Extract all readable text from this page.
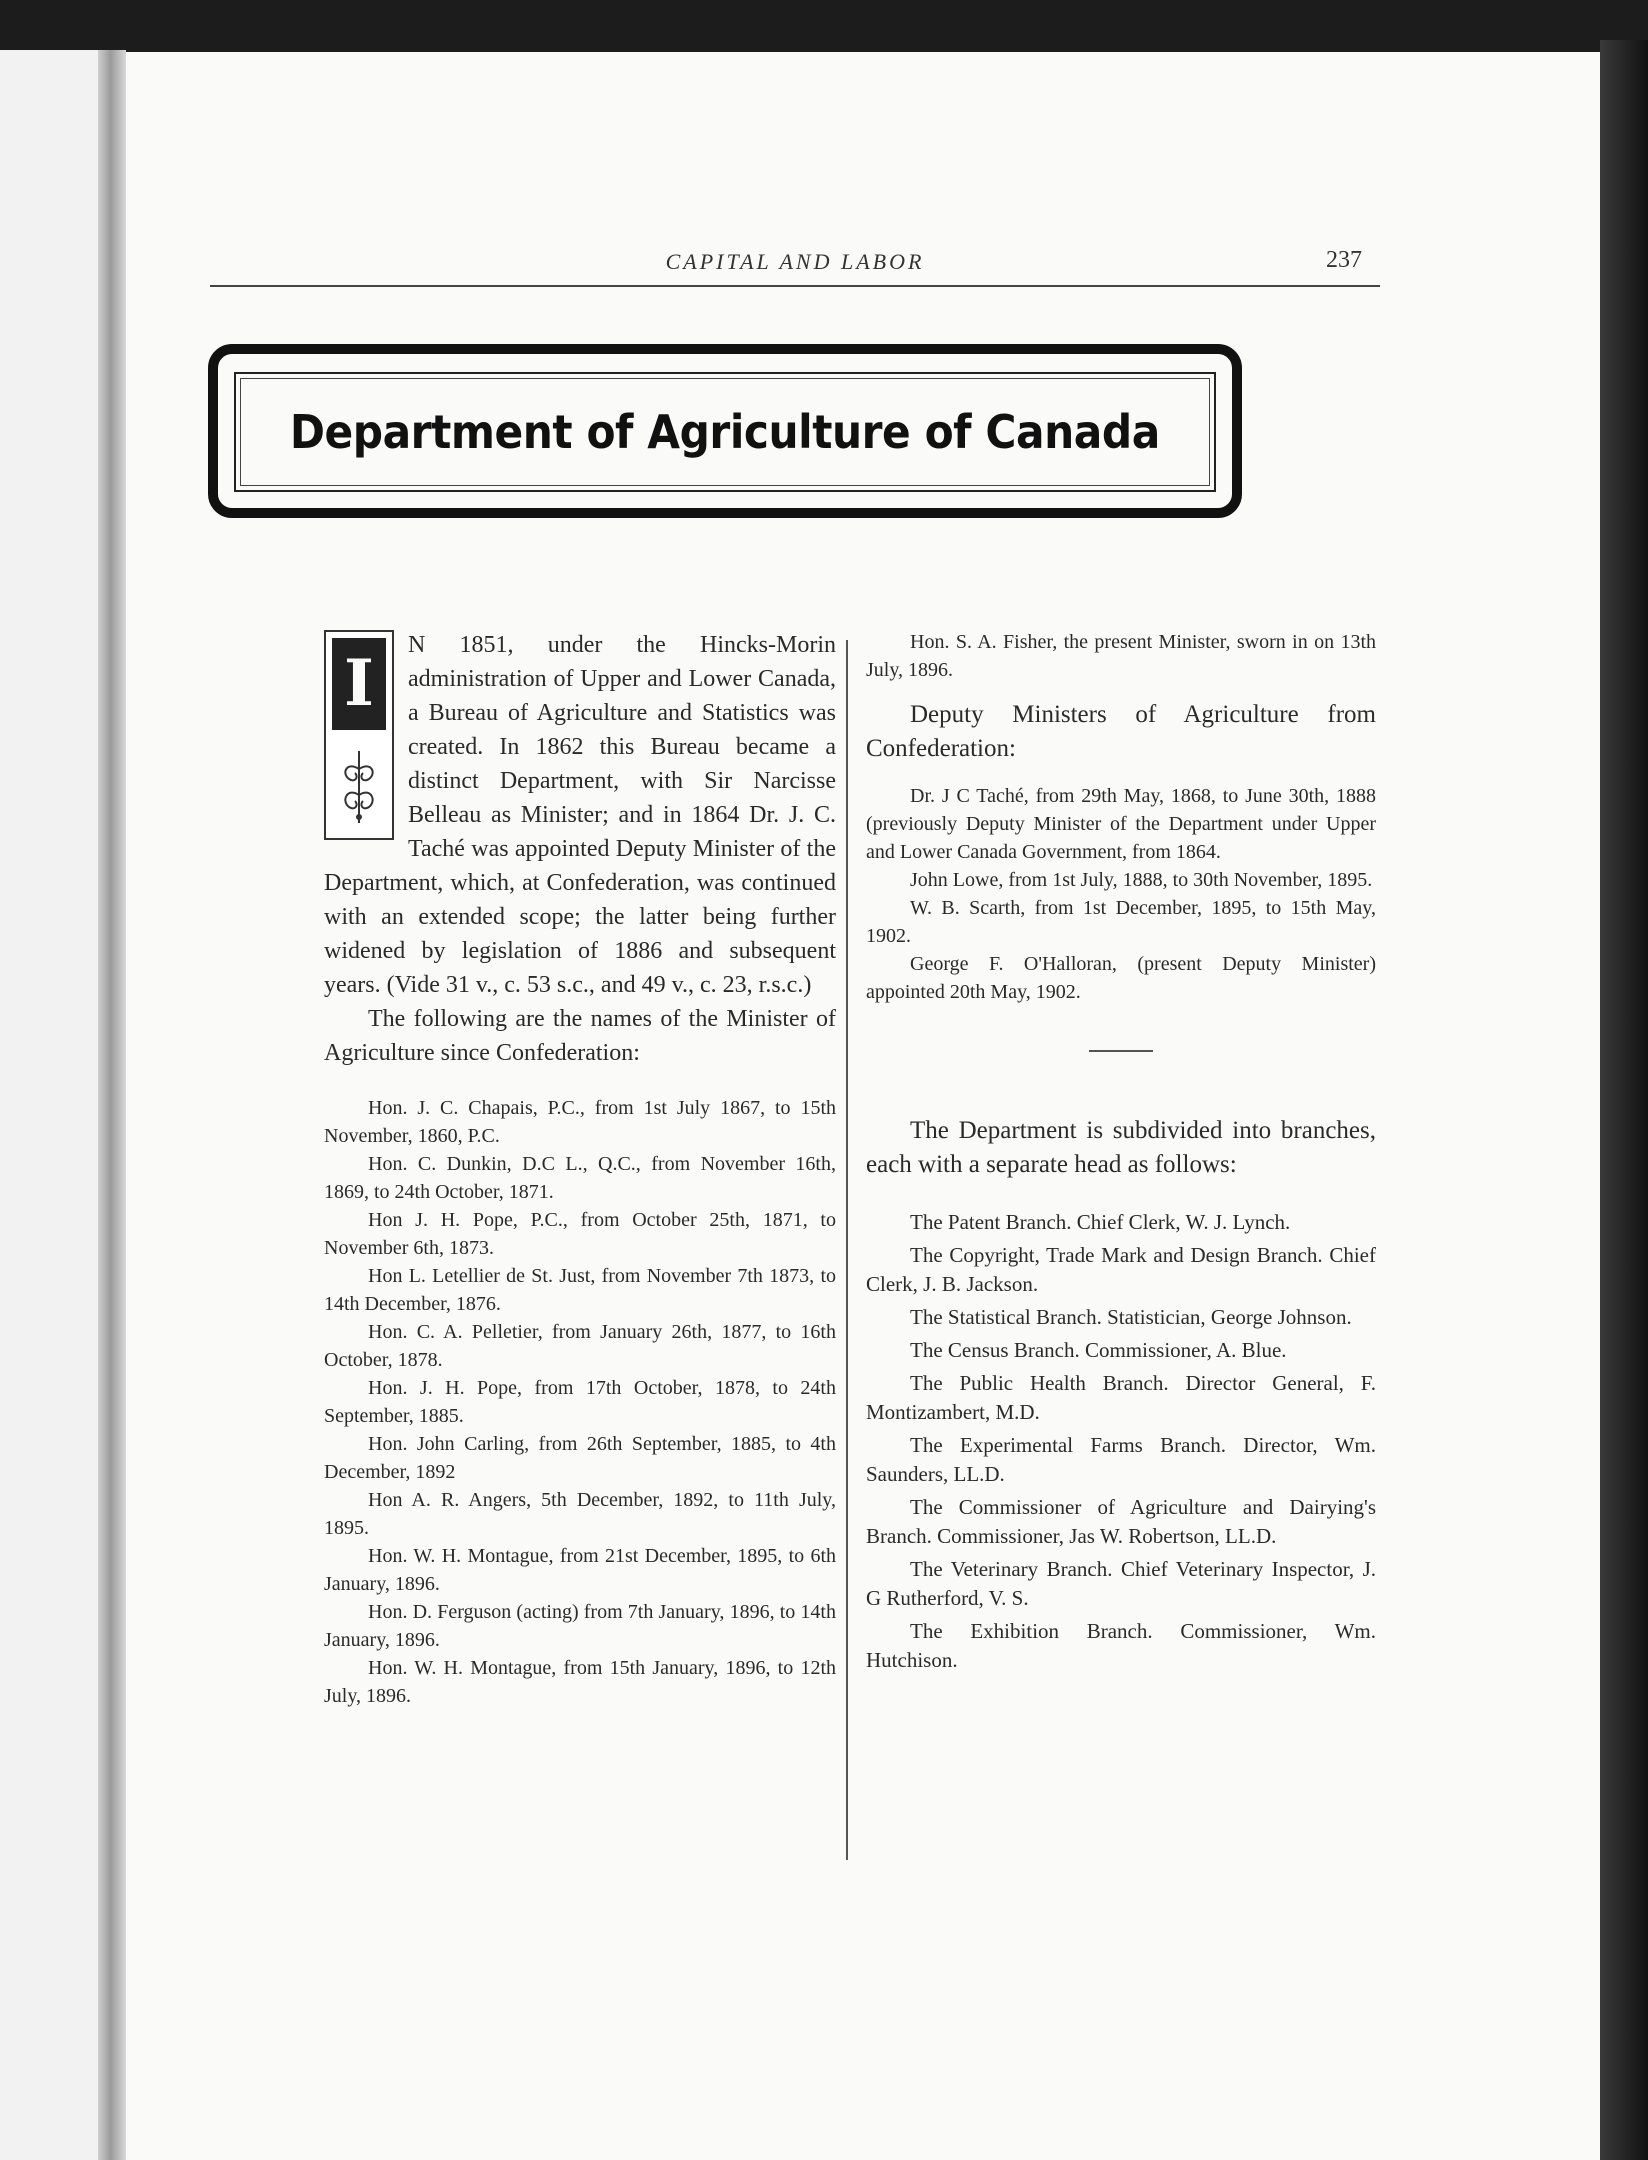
CAPITAL AND LABOR	237
Department of Agriculture of Canada
I

N 1851, under the Hincks-Morin administration of Upper and Lower Canada, a Bureau of Agriculture and Statistics was created. In 1862 this Bureau became a distinct Department, with Sir Narcisse Belleau as Minister; and in 1864 Dr. J. C. Taché was appointed Deputy Minister of the Department, which, at Confederation, was continued with an extended scope; the latter being further widened by legislation of 1886 and subsequent years. (Vide 31 v., c. 53 s.c., and 49 v., c. 23, r.s.c.)

The following are the names of the Minister of Agriculture since Confederation:

Hon. J. C. Chapais, P.C., from 1st July 1867, to 15th November, 1860, P.C.

Hon. C. Dunkin, D.C L., Q.C., from November 16th, 1869, to 24th October, 1871.

Hon J. H. Pope, P.C., from October 25th, 1871, to November 6th, 1873.

Hon L. Letellier de St. Just, from November 7th 1873, to 14th December, 1876.

Hon. C. A. Pelletier, from January 26th, 1877, to 16th October, 1878.

Hon. J. H. Pope, from 17th October, 1878, to 24th September, 1885.

Hon. John Carling, from 26th September, 1885, to 4th December, 1892

Hon A. R. Angers, 5th December, 1892, to 11th July, 1895.

Hon. W. H. Montague, from 21st December, 1895, to 6th January, 1896.

Hon. D. Ferguson (acting) from 7th January, 1896, to 14th January, 1896.

Hon. W. H. Montague, from 15th January, 1896, to 12th July, 1896.

Hon. S. A. Fisher, the present Minister, sworn in on 13th July, 1896.

Deputy Ministers of Agriculture from Confederation:

Dr. J C Taché, from 29th May, 1868, to June 30th, 1888 (previously Deputy Minister of the Department under Upper and Lower Canada Government, from 1864.

John Lowe, from 1st July, 1888, to 30th November, 1895.

W. B. Scarth, from 1st December, 1895, to 15th May, 1902.

George F. O'Halloran, (present Deputy Minister) appointed 20th May, 1902.

The Department is subdivided into branches, each with a separate head as follows:

The Patent Branch. Chief Clerk, W. J. Lynch.

The Copyright, Trade Mark and Design Branch. Chief Clerk, J. B. Jackson.

The Statistical Branch. Statistician, George Johnson.

The Census Branch. Commissioner, A. Blue.

The Public Health Branch. Director General, F. Montizambert, M.D.

The Experimental Farms Branch. Director, Wm. Saunders, LL.D.

The Commissioner of Agriculture and Dairying's Branch. Commissioner, Jas W. Robertson, LL.D.

The Veterinary Branch. Chief Veterinary Inspector, J. G Rutherford, V. S.

The Exhibition Branch. Commissioner, Wm. Hutchison.
